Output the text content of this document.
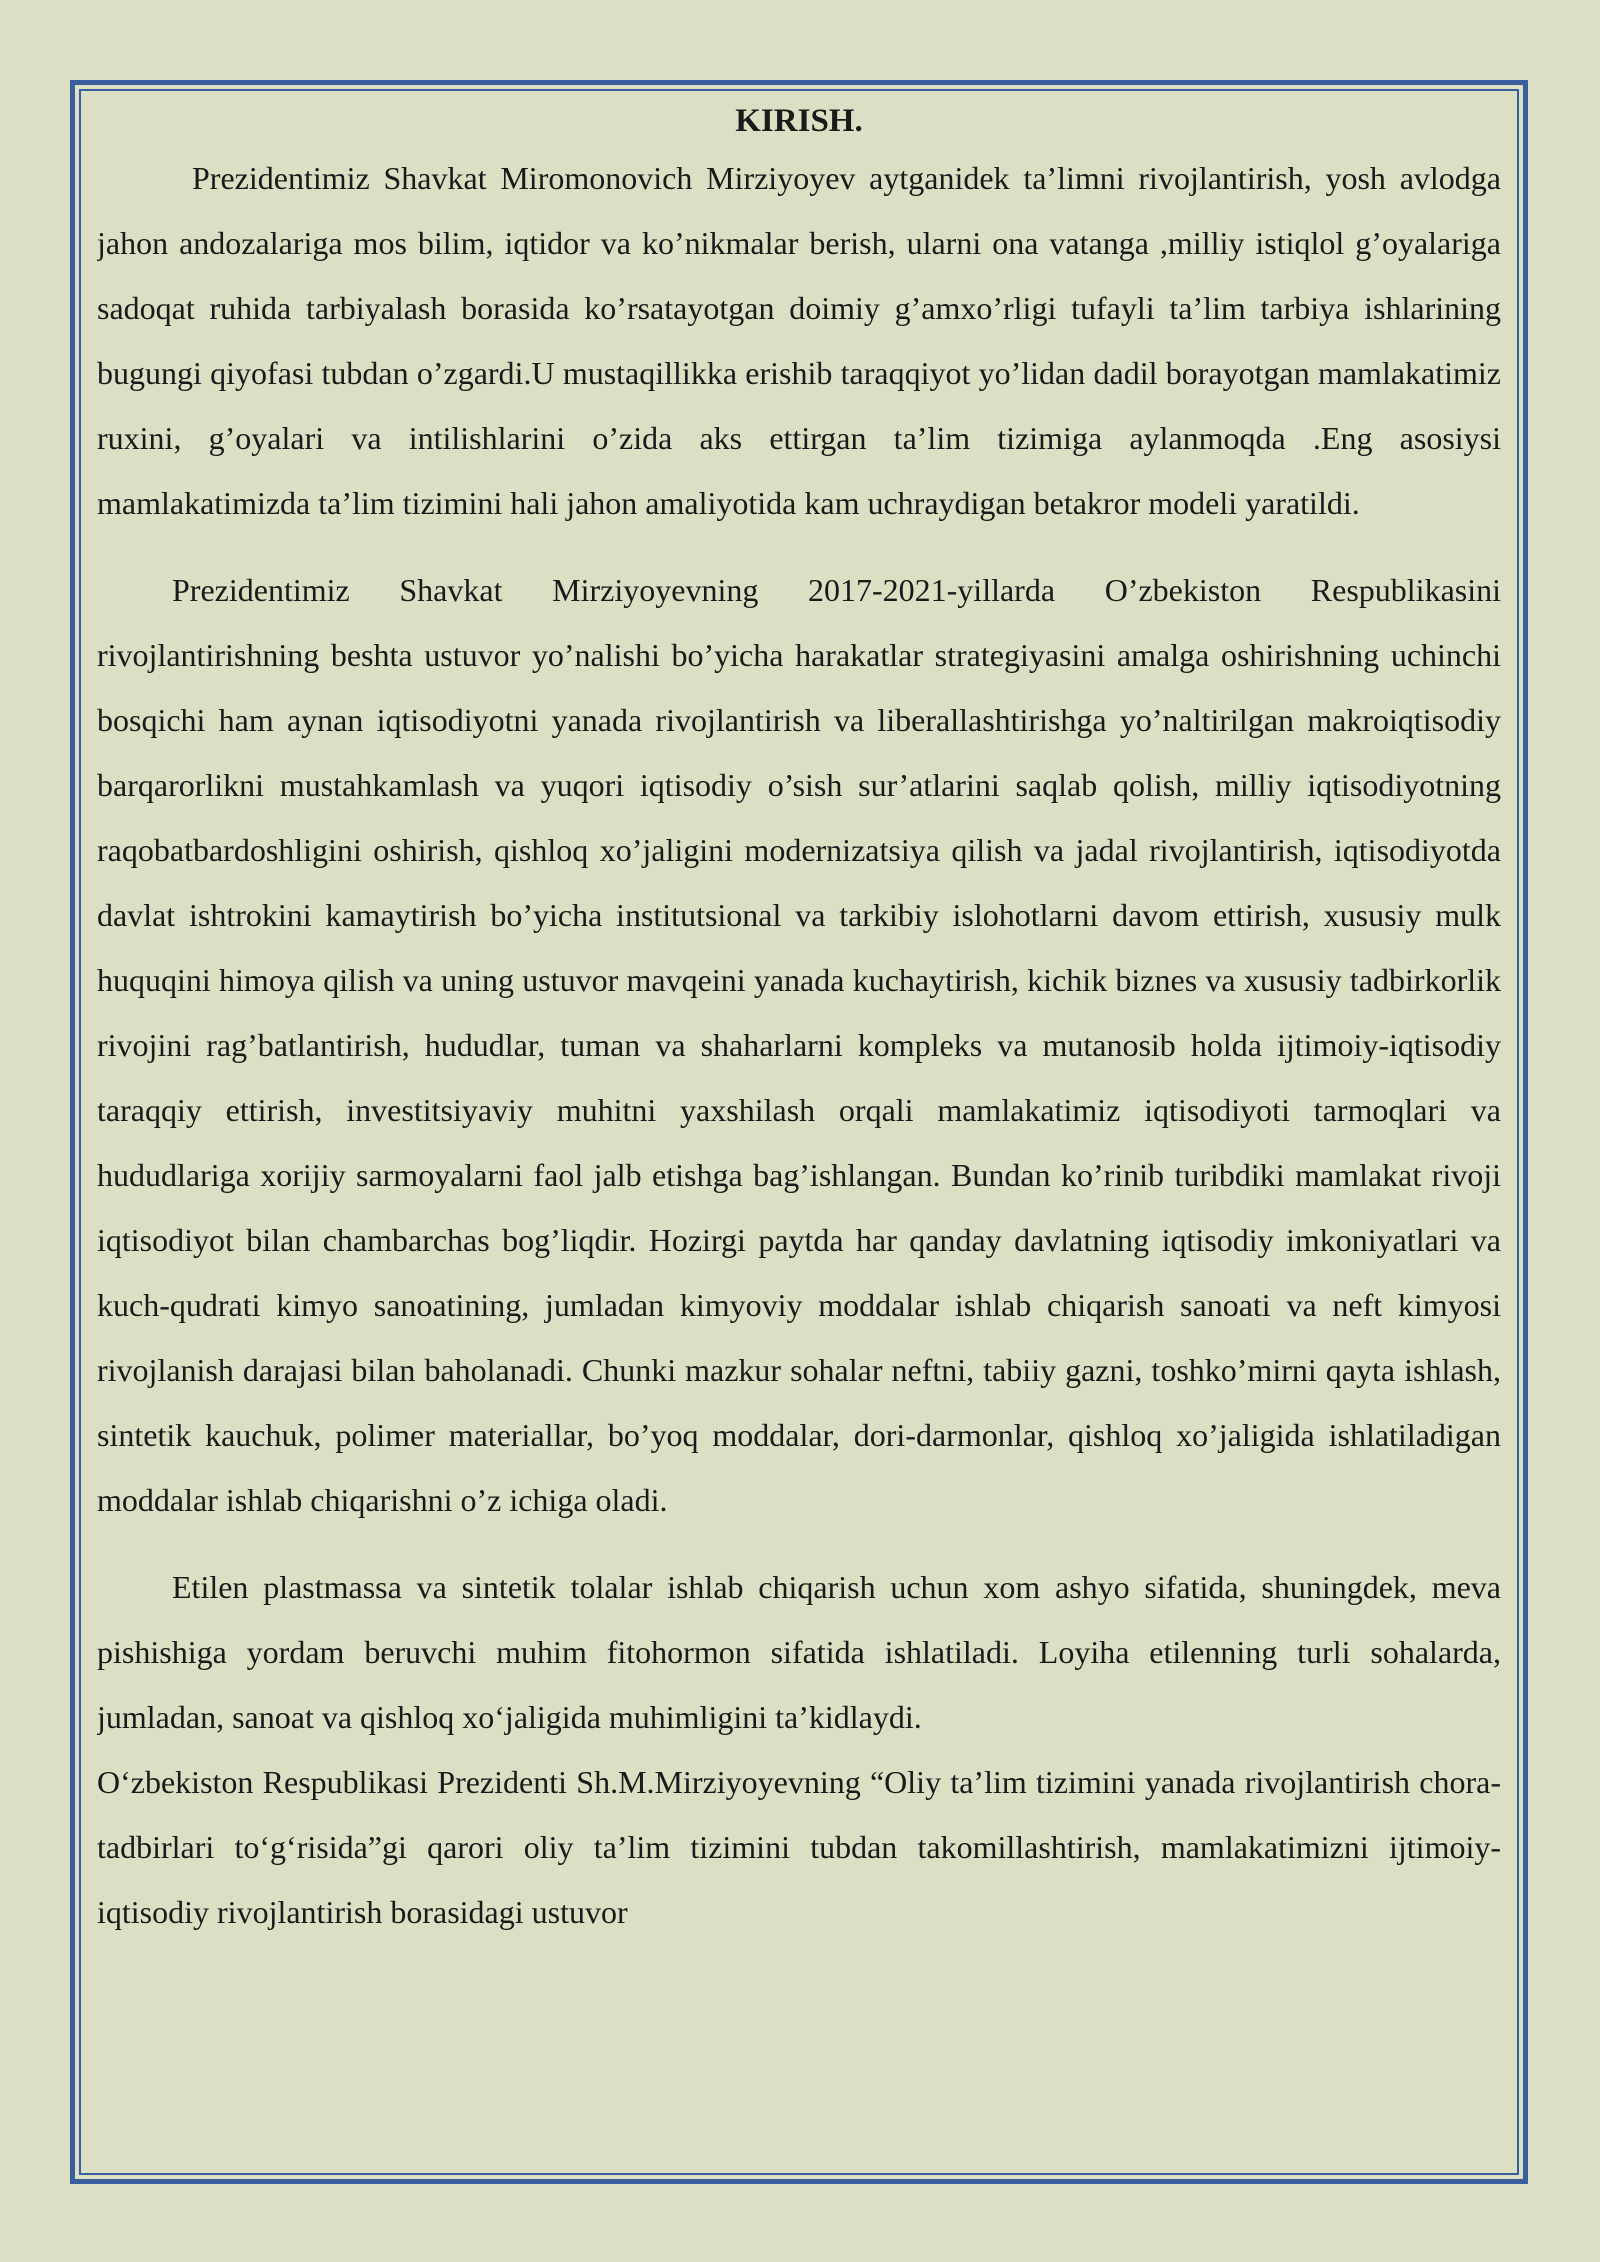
KIRISH.

Prezidentimiz Shavkat Miromonovich Mirziyoyev aytganidek ta’limni rivojlantirish, yosh avlodga jahon andozalariga mos bilim, iqtidor va ko’nikmalar berish, ularni ona vatanga ,milliy istiqlol g’oyalariga sadoqat ruhida tarbiyalash borasida ko’rsatayotgan doimiy g’amxo’rligi tufayli ta’lim tarbiya ishlarining bugungi qiyofasi tubdan o’zgardi.U mustaqillikka erishib taraqqiyot yo’lidan dadil borayotgan mamlakatimiz ruxini, g’oyalari va intilishlarini o’zida aks ettirgan ta’lim tizimiga aylanmoqda .Eng asosiysi mamlakatimizda ta’lim tizimini hali jahon amaliyotida kam uchraydigan betakror modeli yaratildi.

Prezidentimiz Shavkat Mirziyoyevning 2017-2021-yillarda O’zbekiston Respublikasini rivojlantirishning beshta ustuvor yo’nalishi bo’yicha harakatlar strategiyasini amalga oshirishning uchinchi bosqichi ham aynan iqtisodiyotni yanada rivojlantirish va liberallashtirishga yo’naltirilgan makroiqtisodiy barqarorlikni mustahkamlash va yuqori iqtisodiy o’sish sur’atlarini saqlab qolish, milliy iqtisodiyotning raqobatbardoshligini oshirish, qishloq xo’jaligini modernizatsiya qilish va jadal rivojlantirish, iqtisodiyotda davlat ishtrokini kamaytirish bo’yicha institutsional va tarkibiy islohotlarni davom ettirish, xususiy mulk huquqini himoya qilish va uning ustuvor mavqeini yanada kuchaytirish, kichik biznes va xususiy tadbirkorlik rivojini rag’batlantirish, hududlar, tuman va shaharlarni kompleks va mutanosib holda ijtimoiy-iqtisodiy taraqqiy ettirish, investitsiyaviy muhitni yaxshilash orqali mamlakatimiz iqtisodiyoti tarmoqlari va hududlariga xorijiy sarmoyalarni faol jalb etishga bag’ishlangan. Bundan ko’rinib turibdiki mamlakat rivoji iqtisodiyot bilan chambarchas bog’liqdir. Hozirgi paytda har qanday davlatning iqtisodiy imkoniyatlari va kuch-qudrati kimyo sanoatining, jumladan kimyoviy moddalar ishlab chiqarish sanoati va neft kimyosi rivojlanish darajasi bilan baholanadi. Chunki mazkur sohalar neftni, tabiiy gazni, toshko’mirni qayta ishlash, sintetik kauchuk, polimer materiallar, bo’yoq moddalar, dori-darmonlar, qishloq xo’jaligida ishlatiladigan moddalar ishlab chiqarishni o’z ichiga oladi.

Etilen plastmassa va sintetik tolalar ishlab chiqarish uchun xom ashyo sifatida, shuningdek, meva pishishiga yordam beruvchi muhim fitohormon sifatida ishlatiladi. Loyiha etilenning turli sohalarda, jumladan, sanoat va qishloq xo‘jaligida muhimligini ta’kidlaydi.

O‘zbekiston Respublikasi Prezidenti Sh.M.Mirziyoyevning “Oliy ta’lim tizimini yanada rivojlantirish chora-tadbirlari to‘g‘risida”gi qarori oliy ta’lim tizimini tubdan takomillashtirish, mamlakatimizni ijtimoiy-iqtisodiy rivojlantirish borasidagi ustuvor
